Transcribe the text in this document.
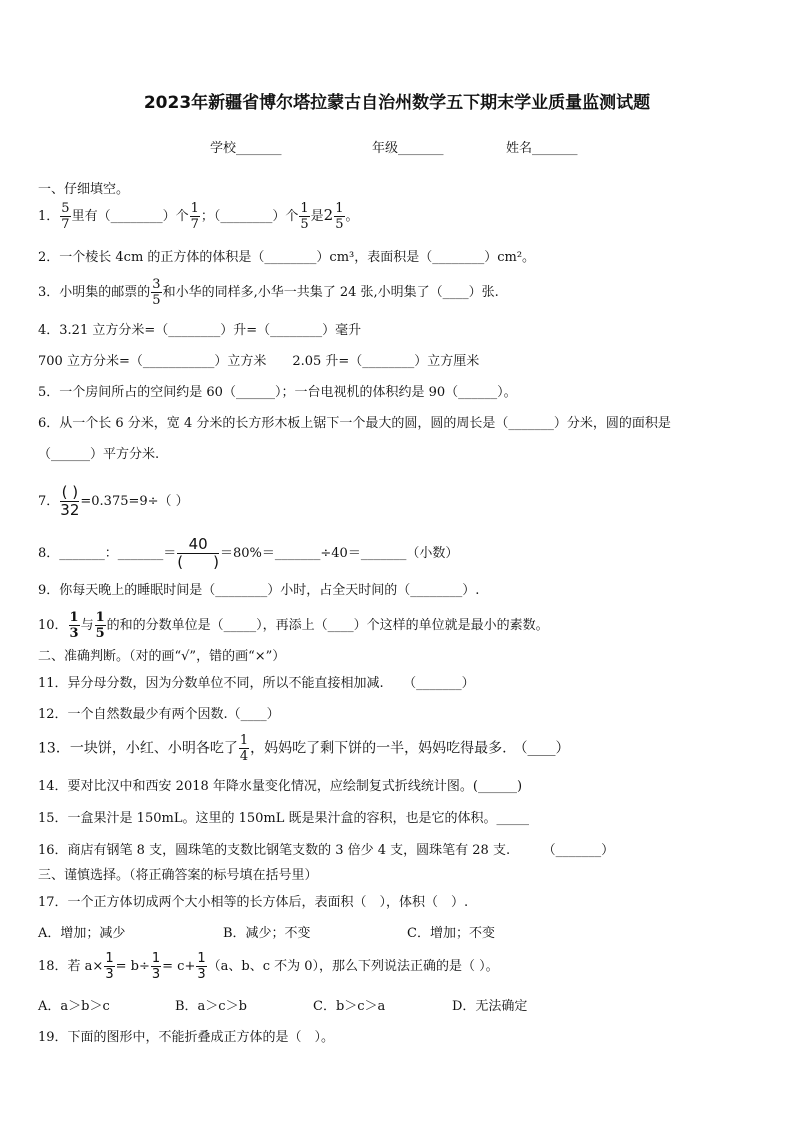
2023年新疆省博尔塔拉蒙古自治州数学五下期末学业质量监测试题
学校_______	年级_______	姓名_______
一、仔细填空。
1． $\frac{5}{7}$ 里有（________）个 $\frac{1}{7}$ ；（________）个 $\frac{1}{5}$ 是$2 \frac{1}{5}$ 。
2．一个棱长 4cm 的正方体的体积是（________）cm³，表面积是（________）cm²。
3．小明集的邮票的 $\frac{3}{5}$ 和小华的同样多,小华一共集了 24 张,小明集了（____）张.
4．3.21 立方分米=（________）升=（________）毫升
700 立方分米=（___________）立方米　　2.05 升=（________）立方厘米
5．一个房间所占的空间约是 60（______）；一台电视机的体积约是 90（______）。
6．从一个长 6 分米，宽 4 分米的长方形木板上锯下一个最大的圆，圆的周长是（_______）分米，圆的面积是
（______）平方分米.
7． $\frac{( )}{32} =0.375=9\div$（ ）
8．_______：_______＝ $\frac{40}{( )}$ ＝80%＝_______÷40＝_______（小数）
9．你每天晚上的睡眠时间是（________）小时，占全天时间的（________）.
10． $\frac{1}{3}$ 与 $\frac{1}{5}$ 的和的分数单位是（_____），再添上（____）个这样的单位就是最小的素数。
二、准确判断。（对的画“√”，错的画“×”）
11．异分母分数，因为分数单位不同，所以不能直接相加减.　　（_______）
12．一个自然数最少有两个因数.（____）
13．一块饼，小红、小明各吃了 $\frac{1}{4}$ ，妈妈吃了剩下饼的一半，妈妈吃得最多.　（____）
14．要对比汉中和西安 2018 年降水量变化情况，应绘制复式折线统计图。(______)
15．一盒果汁是 150mL。这里的 150mL 既是果汁盒的容积，也是它的体积。_____
16．商店有钢笔 8 支，圆珠笔的支数比钢笔支数的 3 倍少 4 支，圆珠笔有 28 支.　　　（_______）
三、谨慎选择。（将正确答案的标号填在括号里）
17．一个正方体切成两个大小相等的长方体后，表面积（　），体积（　）.
A．增加；减少	B．减少；不变	C．增加；不变
18．若 $a\times \frac{1}{3} = b\div \frac{1}{3} = c+ \frac{1}{3} (a$、b、c 不为 0），那么下列说法正确的是（ ）。
A．a＞b＞c	B．a＞c＞b	C．b＞c＞a	D．无法确定
19．下面的图形中，不能折叠成正方体的是（　）。
